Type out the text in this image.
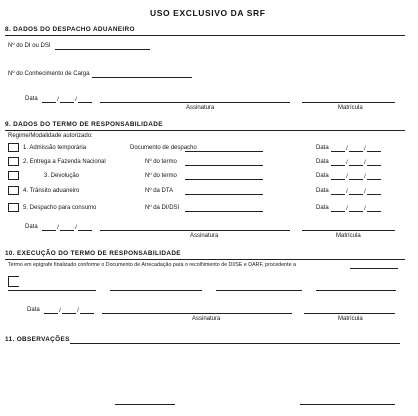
USO EXCLUSIVO DA SRF
8. DADOS DO DESPACHO ADUANEIRO
Nº do DI ou DSI
Nº do Conhecimento de Carga
Data	/	/
Assinatura	Matrícula
9. DADOS DO TERMO DE RESPONSABILIDADE
Regime/Modalidade autorizado:
1. Admissão temporária	Documento de despacho	Data	/	/
2. Entrega a Fazenda Nacional	Nº do termo	Data	/	/
3. Devolução	Nº do termo	Data	/	/
4. Trânsito aduaneiro	Nº da DTA	Data	/	/
5. Despacho para consumo	Nº da DI/DSI	Data	/	/
Data	/	/
Assinatura	Matrícula
10. EXECUÇÃO DO TERMO DE RESPONSABILIDADE
Termo em epígrafe finalizado conforme o Documento de Arrecadação para o recolhimento de DI/SE e DARF, procedente a
Data	/	/
Assinatura	Matrícula
11. OBSERVAÇÕES
